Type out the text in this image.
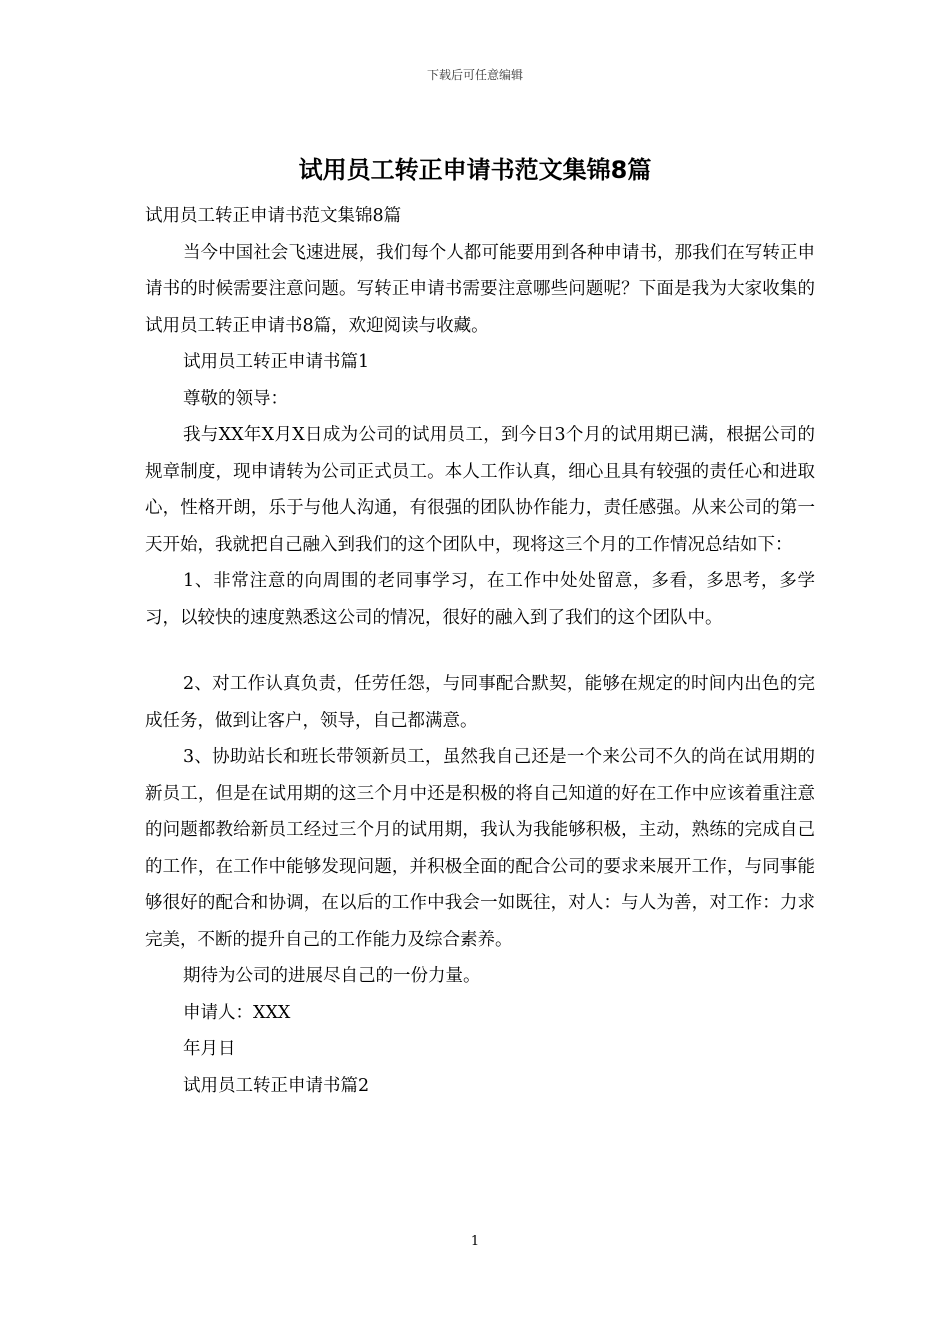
下载后可任意编辑
试用员工转正申请书范文集锦8篇

试用员工转正申请书范文集锦8篇

当今中国社会飞速进展，我们每个人都可能要用到各种申请书，那我们在写转正申请书的时候需要注意问题。写转正申请书需要注意哪些问题呢？下面是我为大家收集的试用员工转正申请书8篇，欢迎阅读与收藏。

试用员工转正申请书篇1

尊敬的领导：

我与XX年X月X日成为公司的试用员工，到今日3个月的试用期已满，根据公司的规章制度，现申请转为公司正式员工。本人工作认真，细心且具有较强的责任心和进取心，性格开朗，乐于与他人沟通，有很强的团队协作能力，责任感强。从来公司的第一天开始，我就把自己融入到我们的这个团队中，现将这三个月的工作情况总结如下：

1、非常注意的向周围的老同事学习，在工作中处处留意，多看，多思考，多学习，以较快的速度熟悉这公司的情况，很好的融入到了我们的这个团队中。

2、对工作认真负责，任劳任怨，与同事配合默契，能够在规定的时间内出色的完成任务，做到让客户，领导，自己都满意。

3、协助站长和班长带领新员工，虽然我自己还是一个来公司不久的尚在试用期的新员工，但是在试用期的这三个月中还是积极的将自己知道的好在工作中应该着重注意的问题都教给新员工经过三个月的试用期，我认为我能够积极，主动，熟练的完成自己的工作，在工作中能够发现问题，并积极全面的配合公司的要求来展开工作，与同事能够很好的配合和协调，在以后的工作中我会一如既往，对人：与人为善，对工作：力求完美，不断的提升自己的工作能力及综合素养。

期待为公司的进展尽自己的一份力量。

申请人：XXX

年月日

试用员工转正申请书篇2

1
